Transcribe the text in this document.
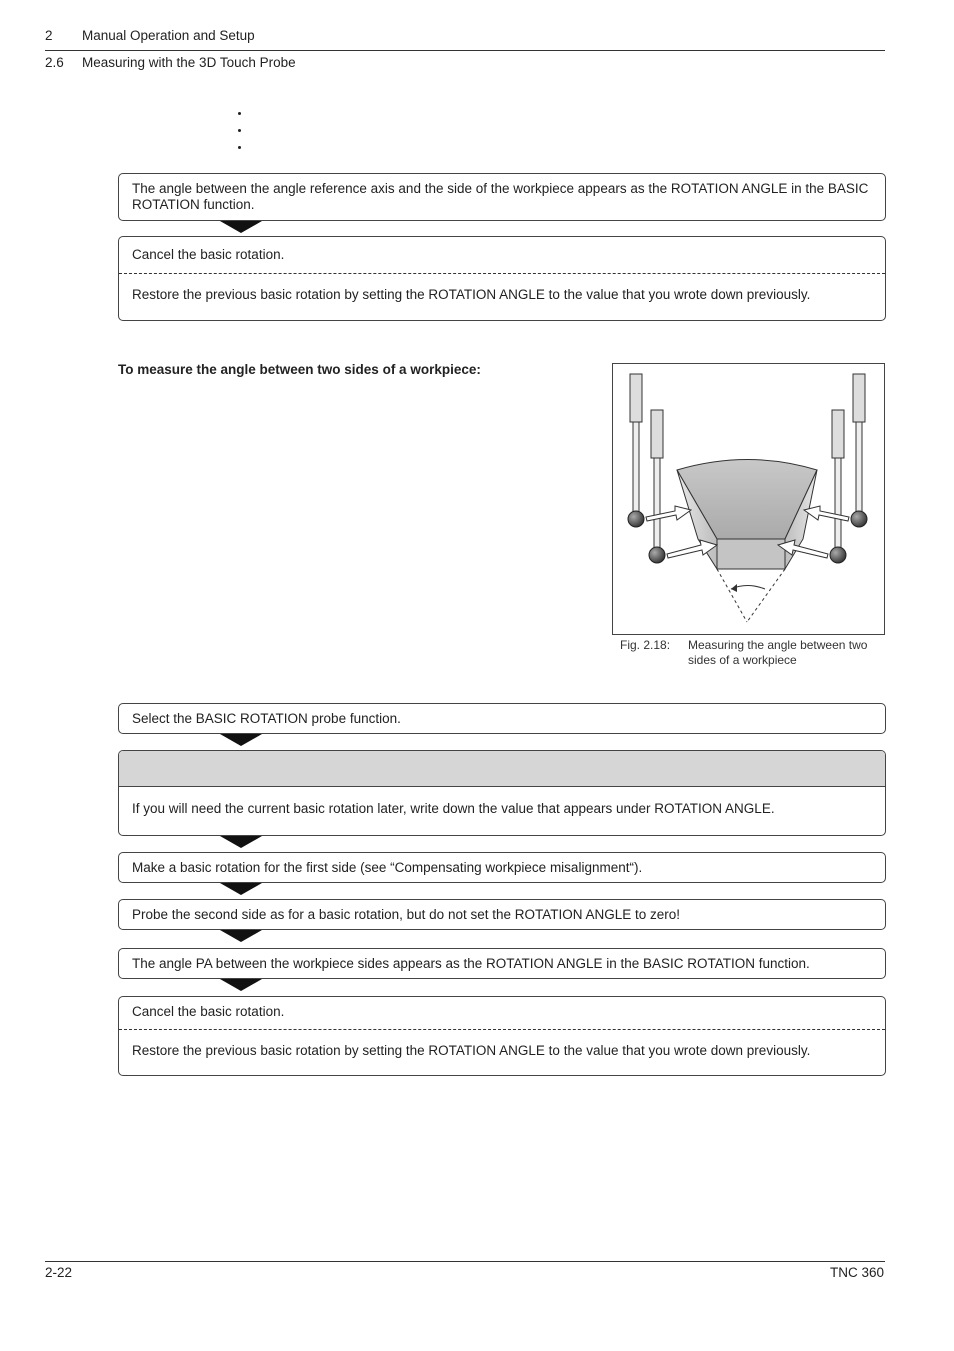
2 Manual Operation and Setup
2.6 Measuring with the 3D Touch Probe
The angle between the angle reference axis and the side of the workpiece appears as the ROTATION ANGLE in the BASIC ROTATION function.
Cancel the basic rotation.
Restore the previous basic rotation by setting the ROTATION ANGLE to the value that you wrote down previously.
To measure the angle between two sides of a workpiece:
Fig. 2.18:	Measuring the angle between two sides of a workpiece
Select the BASIC ROTATION probe function.
If you will need the current basic rotation later, write down the value that appears under ROTATION ANGLE.
Make a basic rotation for the first side (see “Compensating workpiece misalignment“).
Probe the second side as for a basic rotation, but do not set the ROTATION ANGLE to zero!
The angle PA between the workpiece sides appears as the ROTATION ANGLE in the BASIC ROTATION function.
Cancel the basic rotation.
Restore the previous basic rotation by setting the ROTATION ANGLE to the value that you wrote down previously.
2-22	TNC 360
